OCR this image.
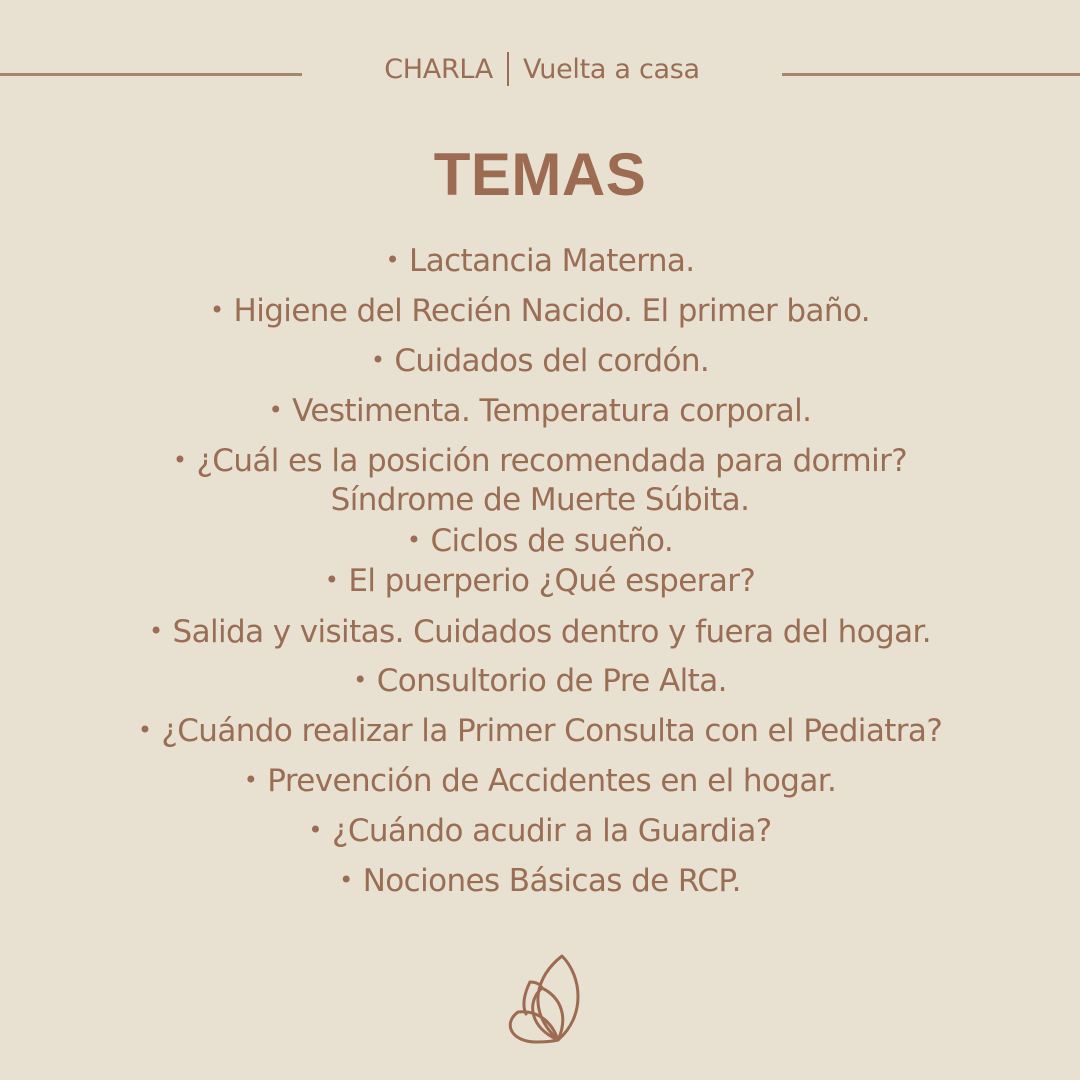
CHARLA Vuelta a casa
TEMAS
• Lactancia Materna.
• Higiene del Recién Nacido. El primer baño.
• Cuidados del cordón.
• Vestimenta. Temperatura corporal.
• ¿Cuál es la posición recomendada para dormir?
Síndrome de Muerte Súbita.
• Ciclos de sueño.
• El puerperio ¿Qué esperar?
• Salida y visitas. Cuidados dentro y fuera del hogar.
• Consultorio de Pre Alta.
• ¿Cuándo realizar la Primer Consulta con el Pediatra?
• Prevención de Accidentes en el hogar.
• ¿Cuándo acudir a la Guardia?
• Nociones Básicas de RCP.
